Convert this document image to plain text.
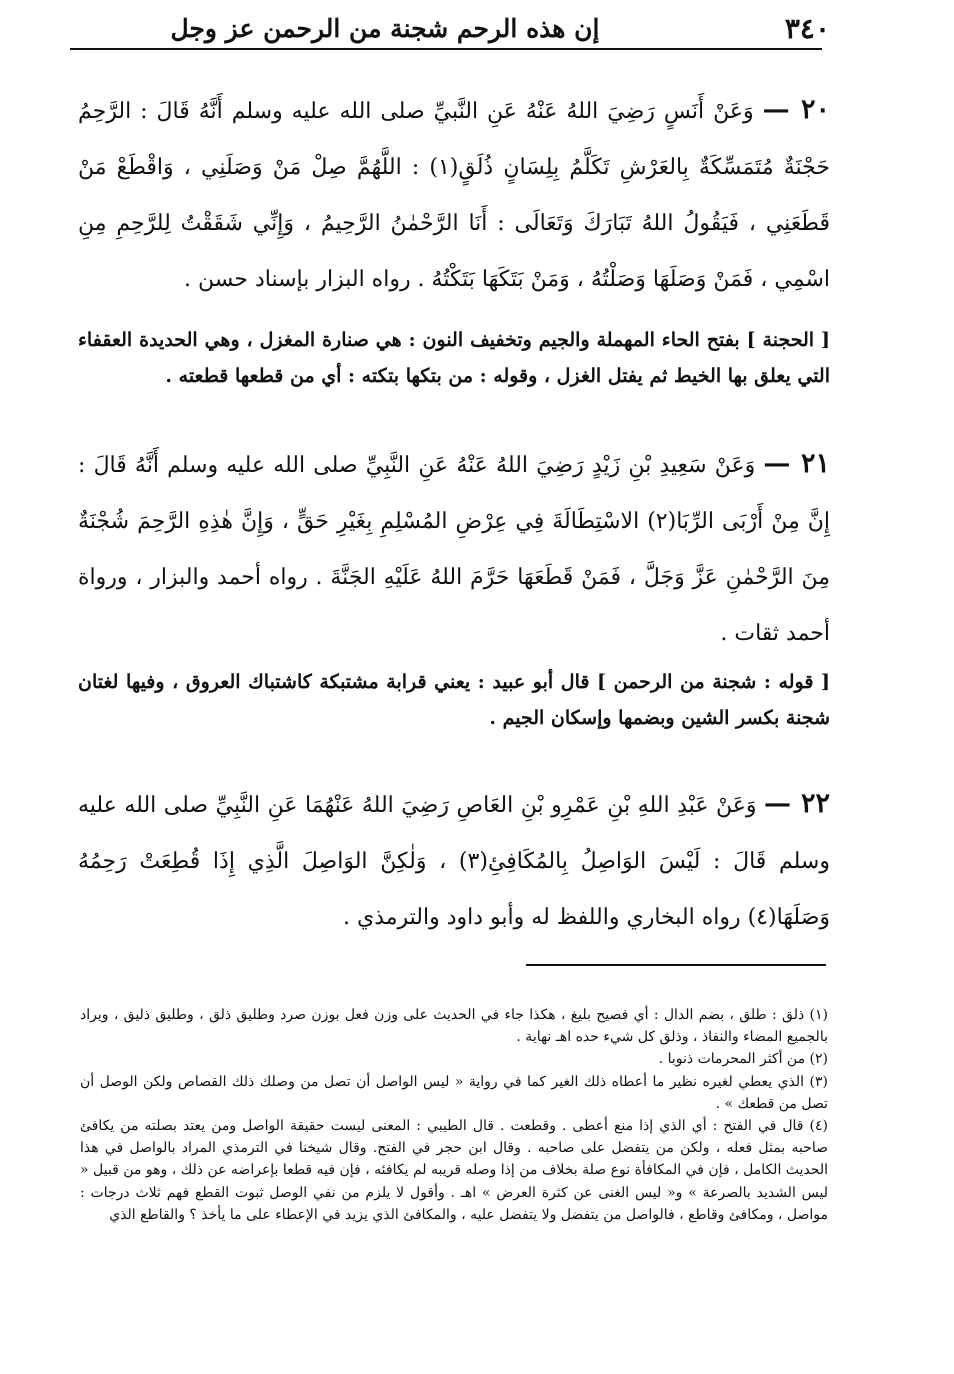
٣٤٠
إن هذه الرحم شجنة من الرحمن عز وجل
٢٠ — وَعَنْ أَنَسٍ رَضِيَ اللهُ عَنْهُ عَنِ النَّبيِّ صلى الله عليه وسلم أَنَّهُ قَالَ : الرَّحِمُ حَجْنَةٌ مُتَمَسِّكَةٌ بِالعَرْشِ تَكَلَّمُ بِلِسَانٍ ذُلَقٍ(١) : اللَّهُمَّ صِلْ مَنْ وَصَلَنِي ، وَاقْطَعْ مَنْ قَطَعَنِي ، فَيَقُولُ اللهُ تَبَارَكَ وَتَعَالَى : أَنَا الرَّحْمٰنُ الرَّحِيمُ ، وَإِنِّي شَقَقْتُ لِلرَّحِمِ مِنِ اسْمِي ، فَمَنْ وَصَلَهَا وَصَلْتُهُ ، وَمَنْ بَتَكَهَا بَتَكْتُهُ . رواه البزار بإسناد حسن .
[ الحجنة ] بفتح الحاء المهملة والجيم وتخفيف النون : هي صنارة المغزل ، وهي الحديدة العقفاء التي يعلق بها الخيط ثم يفتل الغزل ، وقوله : من بتكها بتكته : أي من قطعها قطعته .
٢١ — وَعَنْ سَعِيدِ بْنِ زَيْدٍ رَضِيَ اللهُ عَنْهُ عَنِ النَّبِيِّ صلى الله عليه وسلم أَنَّهُ قَالَ : إِنَّ مِنْ أَرْبَى الرِّبَا(٢) الاسْتِطَالَةَ فِي عِرْضِ المُسْلِمِ بِغَيْرِ حَقٍّ ، وَإِنَّ هٰذِهِ الرَّحِمَ شُجْنَةٌ مِنَ الرَّحْمٰنِ عَزَّ وَجَلَّ ، فَمَنْ قَطَعَهَا حَرَّمَ اللهُ عَلَيْهِ الجَنَّةَ . رواه أحمد والبزار ، ورواة أحمد ثقات .
[ قوله : شجنة من الرحمن ] قال أبو عبيد : يعني قرابة مشتبكة كاشتباك العروق ، وفيها لغتان شجنة بكسر الشين وبضمها وإسكان الجيم .
٢٢ — وَعَنْ عَبْدِ اللهِ بْنِ عَمْرِو بْنِ العَاصِ رَضِيَ اللهُ عَنْهُمَا عَنِ النَّبِيِّ صلى الله عليه وسلم قَالَ : لَيْسَ الوَاصِلُ بِالمُكَافِئِ(٣) ، وَلٰكِنَّ الوَاصِلَ الَّذِي إِذَا قُطِعَتْ رَحِمُهُ وَصَلَهَا(٤) رواه البخاري واللفظ له وأبو داود والترمذي .

(١) ذلق : طلق ، بضم الدال : أي فصيح بليغ ، هكذا جاء في الحديث على وزن فعل بوزن صرد وطليق ذلق ، وطليق ذليق ، ويراد بالجميع المضاء والنفاذ ، وذلق كل شيء حده اهـ نهاية .

(٢) من أكثر المحرمات ذنوبا .

(٣) الذي يعطي لغيره نظير ما أعطاه ذلك الغير كما في رواية « ليس الواصل أن تصل من وصلك ذلك القصاص ولكن الوصل أن تصل من قطعك » .

(٤) قال في الفتح : أي الذي إذا منع أعطى . وقطعت . قال الطيبي : المعنى ليست حقيقة الواصل ومن يعتد بصلته من يكافئ صاحبه بمثل فعله ، ولكن من يتفضل على صاحبه . وقال ابن حجر في الفتح. وقال شيخنا في الترمذي المراد بالواصل في هذا الحديث الكامل ، فإن في المكافأة نوع صلة بخلاف من إذا وصله قريبه لم يكافئه ، فإن فيه قطعا بإعراضه عن ذلك ، وهو من قبيل « ليس الشديد بالصرعة » و« ليس الغنى عن كثرة العرض » اهـ . وأقول لا يلزم من نفي الوصل ثبوت القطع فهم ثلاث درجات : مواصل ، ومكافئ وقاطع ، فالواصل من يتفضل ولا يتفضل عليه ، والمكافئ الذي يزيد في الإعطاء على ما يأخذ ؟ والقاطع الذي
